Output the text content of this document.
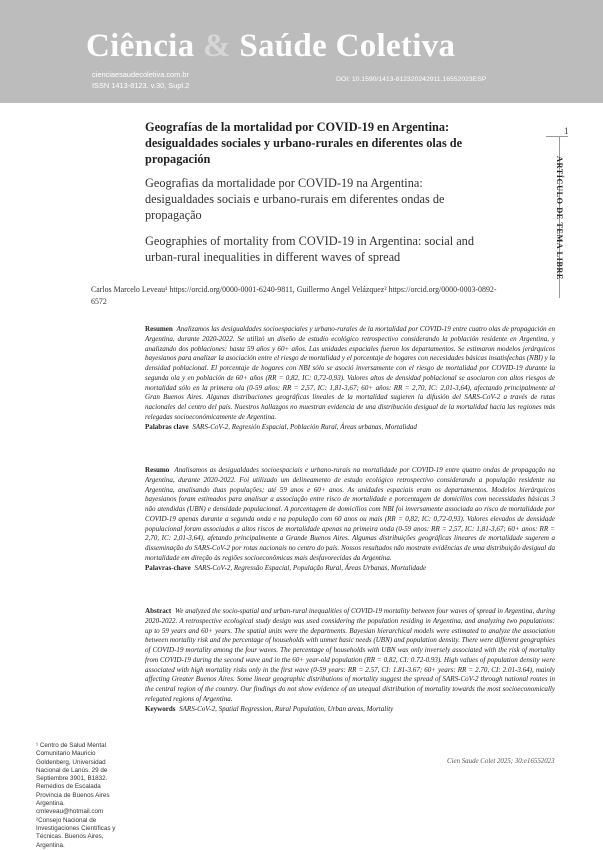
Ciência & Saúde Coletiva
cienciaesaudecoletiva.com.br
ISSN 1413-8123. v.30, Supl.2
DOI: 10.1590/1413-812320242911.16552023ESP
1
ARTÍCULO DE TEMA LIBRE
Geografías de la mortalidad por COVID-19 en Argentina: desigualdades sociales y urbano-rurales en diferentes olas de propagación
Geografias da mortalidade por COVID-19 na Argentina: desigualdades sociais e urbano-rurais em diferentes ondas de propagação
Geographies of mortality from COVID-19 in Argentina: social and urban-rural inequalities in different waves of spread
Carlos Marcelo Leveau¹ https://orcid.org/0000-0001-6240-9811, Guillermo Angel Velázquez² https://orcid.org/0000-0003-0892-6572
Resumen Analizamos las desigualdades socioespaciales y urbano-rurales de la mortalidad por COVID-19 entre cuatro olas de propagación en Argentina, durante 2020-2022. Se utilizó un diseño de estudio ecológico retrospectivo considerando la población residente en Argentina, y analizando dos poblaciones: hasta 59 años y 60+ años. Las unidades espaciales fueron los departamentos. Se estimaron modelos jerárquicos bayesianos para analizar la asociación entre el riesgo de mortalidad y el porcentaje de hogares con necesidades básicas insatisfechas (NBI) y la densidad poblacional. El porcentaje de hogares con NBI sólo se asoció inversamente con el riesgo de mortalidad por COVID-19 durante la segunda ola y en población de 60+ años (RR = 0,82, IC: 0,72-0,93). Valores altos de densidad poblacional se asociaron con altos riesgos de mortalidad sólo en la primera ola (0-59 años: RR = 2,57, IC: 1,81-3,67; 60+ años: RR = 2,70, IC: 2,01-3,64), afectando principalmente al Gran Buenos Aires. Algunas distribuciones geográficas lineales de la mortalidad sugieren la difusión del SARS-CoV-2 a través de rutas nacionales del centro del país. Nuestros hallazgos no muestran evidencia de una distribución desigual de la mortalidad hacia las regiones más relegadas socioeconómicamente de Argentina.
Palabras clave SARS-CoV-2, Regresión Espacial, Población Rural, Áreas urbanas, Mortalidad
Resumo Analisamos as desigualdades socioespaciais e urbano-rurais na mortalidade por COVID-19 entre quatro ondas de propagação na Argentina, durante 2020-2022. Foi utilizado um delineamento de estudo ecológico retrospectivo considerando a população residente na Argentina, analisando duas populações; até 59 anos e 60+ anos. As unidades espaciais eram os departamentos. Modelos hierárquicos bayesianos foram estimados para analisar a associação entre risco de mortalidade e porcentagem de domicílios com necessidades básicas 3 não atendidas (UBN) e densidade populacional. A porcentagem de domicílios com NBI foi inversamente associada ao risco de mortalidade por COVID-19 apenas durante a segunda onda e na população com 60 anos ou mais (RR = 0,82, IC: 0,72-0,93). Valores elevados de densidade populacional foram associados a altos riscos de mortalidade apenas na primeira onda (0-59 anos: RR = 2,57, IC: 1,81-3,67; 60+ anos: RR = 2,70, IC: 2,01-3,64), afetando principalmente a Grande Buenos Aires. Algumas distribuições geográficas lineares de mortalidade sugerem a disseminação do SARS-CoV-2 por rotas nacionais no centro do país. Nossos resultados não mostram evidências de uma distribuição desigual da mortalidade em direção às regiões socioeconômicas mais desfavorecidas da Argentina.
Palavras-chave SARS-CoV-2, Regressão Espacial, População Rural, Áreas Urbanas, Mortalidade
Abstract We analyzed the socio-spatial and urban-rural inequalities of COVID-19 mortality between four waves of spread in Argentina, during 2020-2022. A retrospective ecological study design was used considering the population residing in Argentina, and analyzing two populations: up to 59 years and 60+ years. The spatial units were the departments. Bayesian hierarchical models were estimated to analyze the association between mortality risk and the percentage of households with unmet basic needs (UBN) and population density. There were different geographies of COVID-19 mortality among the four waves. The percentage of households with UBN was only inversely associated with the risk of mortality from COVID-19 during the second wave and in the 60+ year-old population (RR = 0.82, CI: 0.72-0.93). High values of population density were associated with high mortality risks only in the first wave (0-59 years: RR = 2.57, CI: 1.81-3.67; 60+ years: RR = 2.70, CI: 2.01-3.64), mainly affecting Greater Buenos Aires. Some linear geographic distributions of mortality suggest the spread of SARS-CoV-2 through national routes in the central region of the country. Our findings do not show evidence of an unequal distribution of mortality towards the most socioeconomically relegated regions of Argentina.
Keywords SARS-CoV-2, Spatial Regression, Rural Population, Urban areas, Mortality

¹ Centro de Salud Mental Comunitario Mauricio Goldenberg, Universidad Nacional de Lanús. 29 de Septiembre 3901, B1832. Remedios de Escalada Provincia de Buenos Aires Argentina. cmleveau@hotmail.com

²Consejo Nacional de Investigaciones Científicas y Técnicas. Buenos Aires, Argentina.

Cien Saude Colet 2025; 30:e16552023
